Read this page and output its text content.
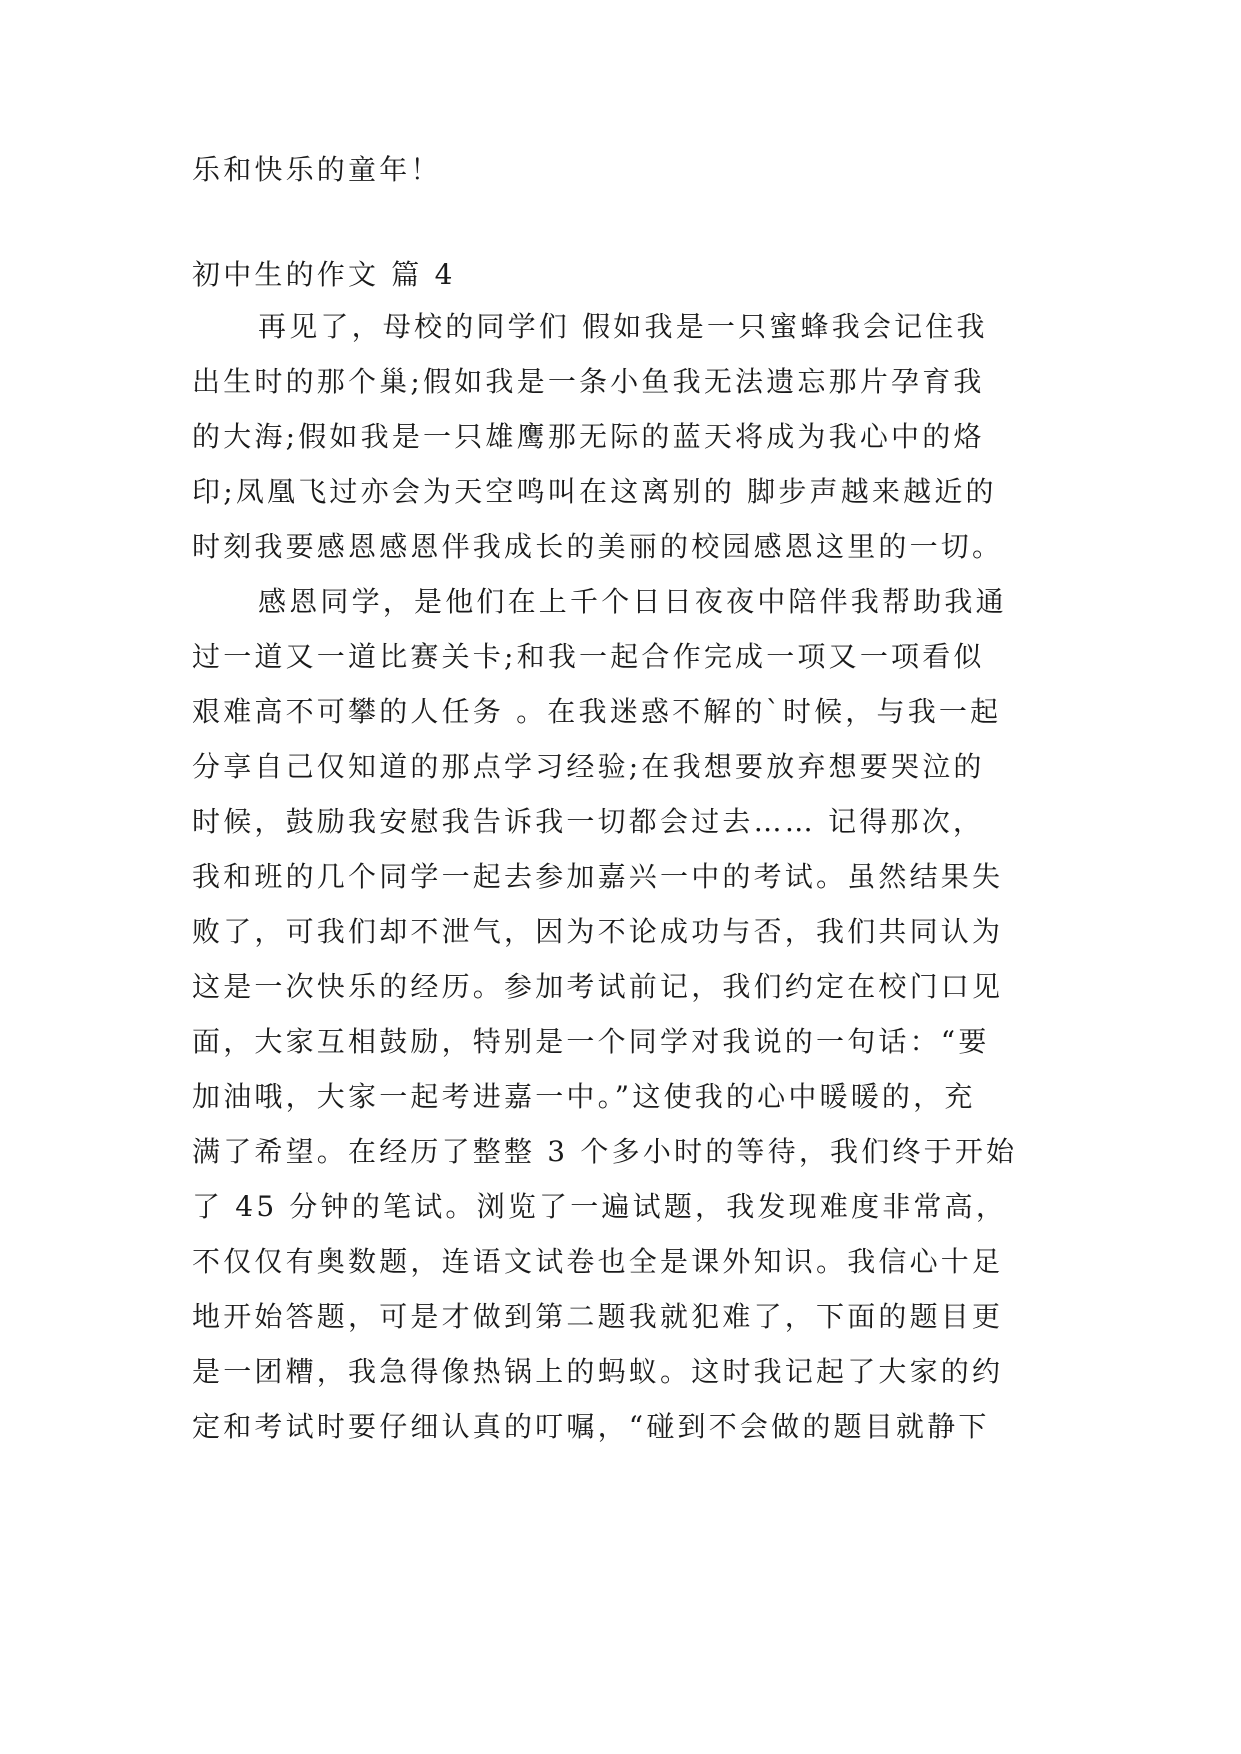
乐和快乐的童年！
初中生的作文 篇 4
再见了，母校的同学们 假如我是一只蜜蜂我会记住我
出生时的那个巢;假如我是一条小鱼我无法遗忘那片孕育我
的大海;假如我是一只雄鹰那无际的蓝天将成为我心中的烙
印;凤凰飞过亦会为天空鸣叫在这离别的 脚步声越来越近的
时刻我要感恩感恩伴我成长的美丽的校园感恩这里的一切。
感恩同学，是他们在上千个日日夜夜中陪伴我帮助我通
过一道又一道比赛关卡;和我一起合作完成一项又一项看似
艰难高不可攀的人任务 。在我迷惑不解的`时候，与我一起
分享自己仅知道的那点学习经验;在我想要放弃想要哭泣的
时候，鼓励我安慰我告诉我一切都会过去…… 记得那次，
我和班的几个同学一起去参加嘉兴一中的考试。虽然结果失
败了，可我们却不泄气，因为不论成功与否，我们共同认为
这是一次快乐的经历。参加考试前记，我们约定在校门口见
面，大家互相鼓励，特别是一个同学对我说的一句话：“要
加油哦，大家一起考进嘉一中。”这使我的心中暖暖的，充
满了希望。在经历了整整 3 个多小时的等待，我们终于开始
了 45 分钟的笔试。浏览了一遍试题，我发现难度非常高，
不仅仅有奥数题，连语文试卷也全是课外知识。我信心十足
地开始答题，可是才做到第二题我就犯难了，下面的题目更
是一团糟，我急得像热锅上的蚂蚁。这时我记起了大家的约
定和考试时要仔细认真的叮嘱，“碰到不会做的题目就静下
